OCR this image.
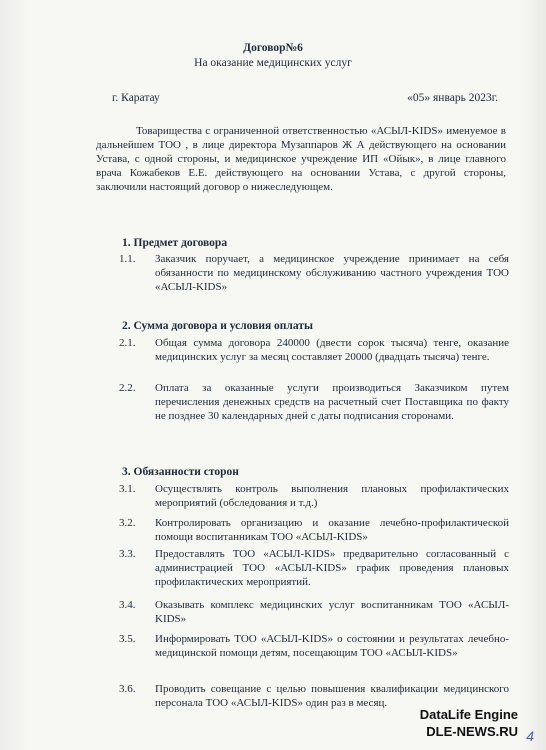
Договор№6
На оказание медицинских услуг
г. Каратау	«05» январь 2023г.
Товарищества с ограниченной ответственностью «АСЫЛ-KIDS» именуемое в дальнейшем ТОО , в лице директора Музаппаров Ж А действующего на основании Устава, с одной стороны, и медицинское учреждение ИП «Ойык», в лице главного врача Кожабеков Е.Е. действующего на основании Устава, с другой стороны, заключили настоящий договор о нижеследующем.
1. Предмет договора
1.1.	Заказчик поручает, а медицинское учреждение принимает на себя обязанности по медицинскому обслуживанию частного учреждения ТОО «АСЫЛ-KIDS»
2. Сумма договора и условия оплаты
2.1.	Общая сумма договора 240000 (двести сорок тысяча) тенге, оказание медицинских услуг за месяц составляет 20000 (двадцать тысяча) тенге.
2.2.	Оплата за оказанные услуги производиться Заказчиком путем перечисления денежных средств на расчетный счет Поставщика по факту не позднее 30 календарных дней с даты подписания сторонами.
3. Обязанности сторон
3.1.	Осуществлять контроль выполнения плановых профилактических мероприятий (обследования и т.д.)
3.2.	Контролировать организацию и оказание лечебно-профилактической помощи воспитанникам ТОО «АСЫЛ-KIDS»
3.3.	Предоставлять ТОО «АСЫЛ-KIDS» предварительно согласованный с администрацией ТОО «АСЫЛ-KIDS» график проведения плановых профилактических мероприятий.
3.4.	Оказывать комплекс медицинских услуг воспитанникам ТОО «АСЫЛ-KIDS»
3.5.	Информировать ТОО «АСЫЛ-KIDS» о состоянии и результатах лечебно-медицинской помощи детям, посещающим ТОО «АСЫЛ-KIDS»
3.6.	Проводить совещание с целью повышения квалификации медицинского персонала ТОО «АСЫЛ-KIDS» один раз в месяц.
DataLife Engine
DLE-NEWS.RU 4
